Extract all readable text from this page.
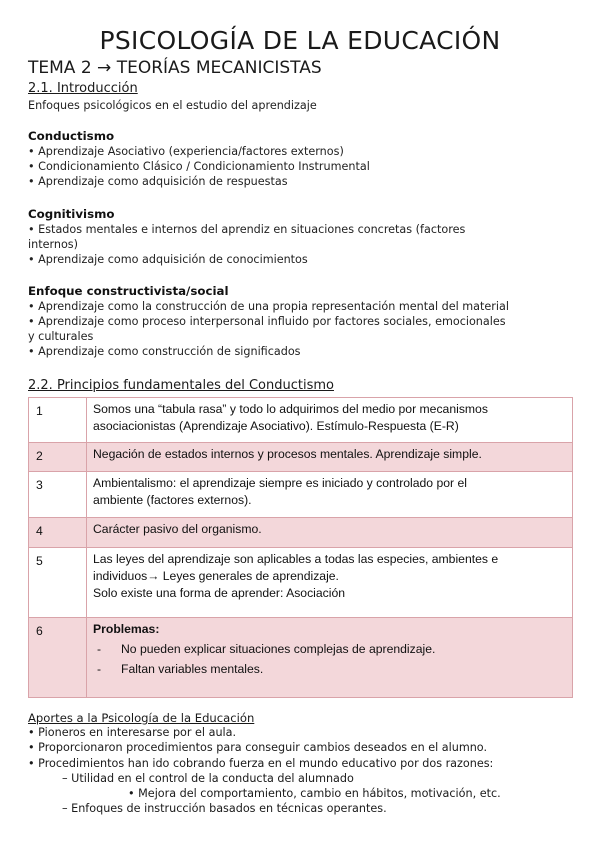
PSICOLOGÍA DE LA EDUCACIÓN
TEMA 2 → TEORÍAS MECANICISTAS
2.1. Introducción
Enfoques psicológicos en el estudio del aprendizaje
Conductismo
• Aprendizaje Asociativo (experiencia/factores externos)
• Condicionamiento Clásico / Condicionamiento Instrumental
• Aprendizaje como adquisición de respuestas
Cognitivismo
• Estados mentales e internos del aprendiz en situaciones concretas (factores
internos)
• Aprendizaje como adquisición de conocimientos
Enfoque constructivista/social
• Aprendizaje como la construcción de una propia representación mental del material
• Aprendizaje como proceso interpersonal influido por factores sociales, emocionales
y culturales
• Aprendizaje como construcción de significados
2.2. Principios fundamentales del Conductismo
1	Somos una “tabula rasa” y todo lo adquirimos del medio por mecanismos
asociacionistas (Aprendizaje Asociativo). Estímulo-Respuesta (E-R)

2	Negación de estados internos y procesos mentales. Aprendizaje simple.

3	Ambientalismo: el aprendizaje siempre es iniciado y controlado por el
ambiente (factores externos).

4	Carácter pasivo del organismo.

5	Las leyes del aprendizaje son aplicables a todas las especies, ambientes e
individuos→ Leyes generales de aprendizaje.
Solo existe una forma de aprender: Asociación

6	Problemas:
- No pueden explicar situaciones complejas de aprendizaje.
- Faltan variables mentales.
Aportes a la Psicología de la Educación
• Pioneros en interesarse por el aula.
• Proporcionaron procedimientos para conseguir cambios deseados en el alumno.
• Procedimientos han ido cobrando fuerza en el mundo educativo por dos razones:
– Utilidad en el control de la conducta del alumnado
• Mejora del comportamiento, cambio en hábitos, motivación, etc.
– Enfoques de instrucción basados en técnicas operantes.
